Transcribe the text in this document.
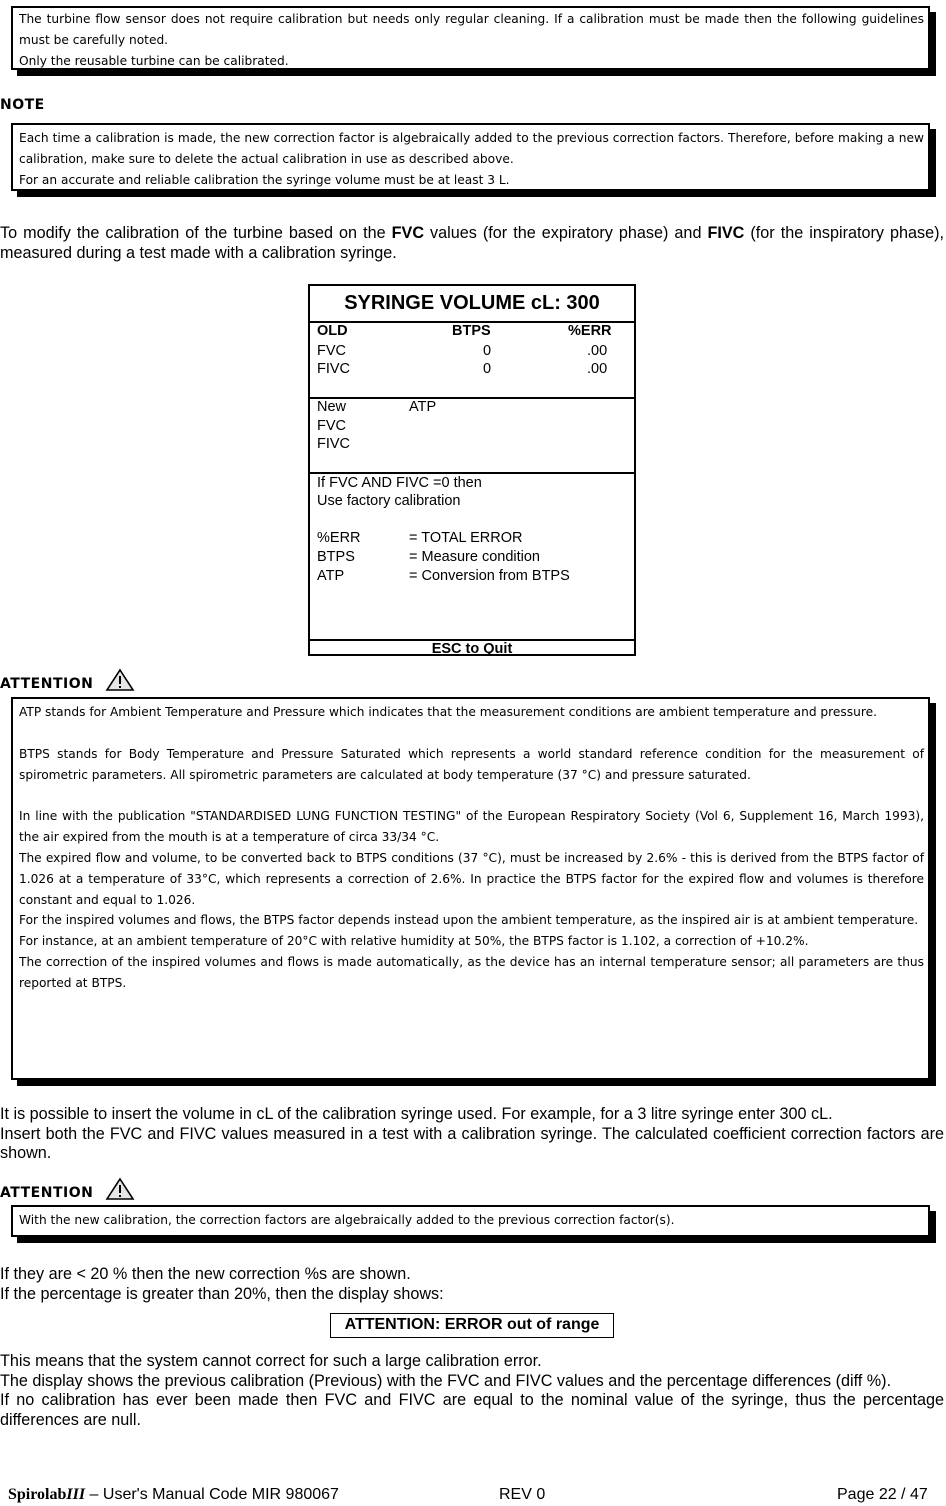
The turbine flow sensor does not require calibration but needs only regular cleaning. If a calibration must be made then the following guidelines must be carefully noted.

Only the reusable turbine can be calibrated.

NOTE

Each time a calibration is made, the new correction factor is algebraically added to the previous correction factors. Therefore, before making a new calibration, make sure to delete the actual calibration in use as described above.

For an accurate and reliable calibration the syringe volume must be at least 3 L.

To modify the calibration of the turbine based on the FVC values (for the expiratory phase) and FIVC (for the inspiratory phase), measured during a test made with a calibration syringe.

SYRINGE VOLUME cL: 300
OLD	BTPS	%ERR
FVC	0	.00
FIVC	0	.00
New	ATP
FVC
FIVC
If FVC AND FIVC =0 then
Use factory calibration
%ERR	= TOTAL ERROR
BTPS	= Measure condition
ATP	= Conversion from BTPS
ESC to Quit
ATTENTION

ATP stands for Ambient Temperature and Pressure which indicates that the measurement conditions are ambient temperature and pressure.

BTPS stands for Body Temperature and Pressure Saturated which represents a world standard reference condition for the measurement of spirometric parameters. All spirometric parameters are calculated at body temperature (37 °C) and pressure saturated.

In line with the publication "STANDARDISED LUNG FUNCTION TESTING" of the European Respiratory Society (Vol 6, Supplement 16, March 1993), the air expired from the mouth is at a temperature of circa 33/34 °C.

The expired flow and volume, to be converted back to BTPS conditions (37 °C), must be increased by 2.6% - this is derived from the BTPS factor of 1.026 at a temperature of 33°C, which represents a correction of 2.6%. In practice the BTPS factor for the expired flow and volumes is therefore constant and equal to 1.026.

For the inspired volumes and flows, the BTPS factor depends instead upon the ambient temperature, as the inspired air is at ambient temperature.

For instance, at an ambient temperature of 20°C with relative humidity at 50%, the BTPS factor is 1.102, a correction of +10.2%.

The correction of the inspired volumes and flows is made automatically, as the device has an internal temperature sensor; all parameters are thus reported at BTPS.

It is possible to insert the volume in cL of the calibration syringe used. For example, for a 3 litre syringe enter 300 cL.

Insert both the FVC and FIVC values measured in a test with a calibration syringe. The calculated coefficient correction factors are shown.

ATTENTION

With the new calibration, the correction factors are algebraically added to the previous correction factor(s).

If they are < 20 % then the new correction %s are shown.

If the percentage is greater than 20%, then the display shows:

ATTENTION: ERROR out of range

This means that the system cannot correct for such a large calibration error.

The display shows the previous calibration (Previous) with the FVC and FIVC values and the percentage differences (diff %).

If no calibration has ever been made then FVC and FIVC are equal to the nominal value of the syringe, thus the percentage differences are null.

SpirolabIII – User's Manual Code MIR 980067	REV 0	Page 22 / 47
